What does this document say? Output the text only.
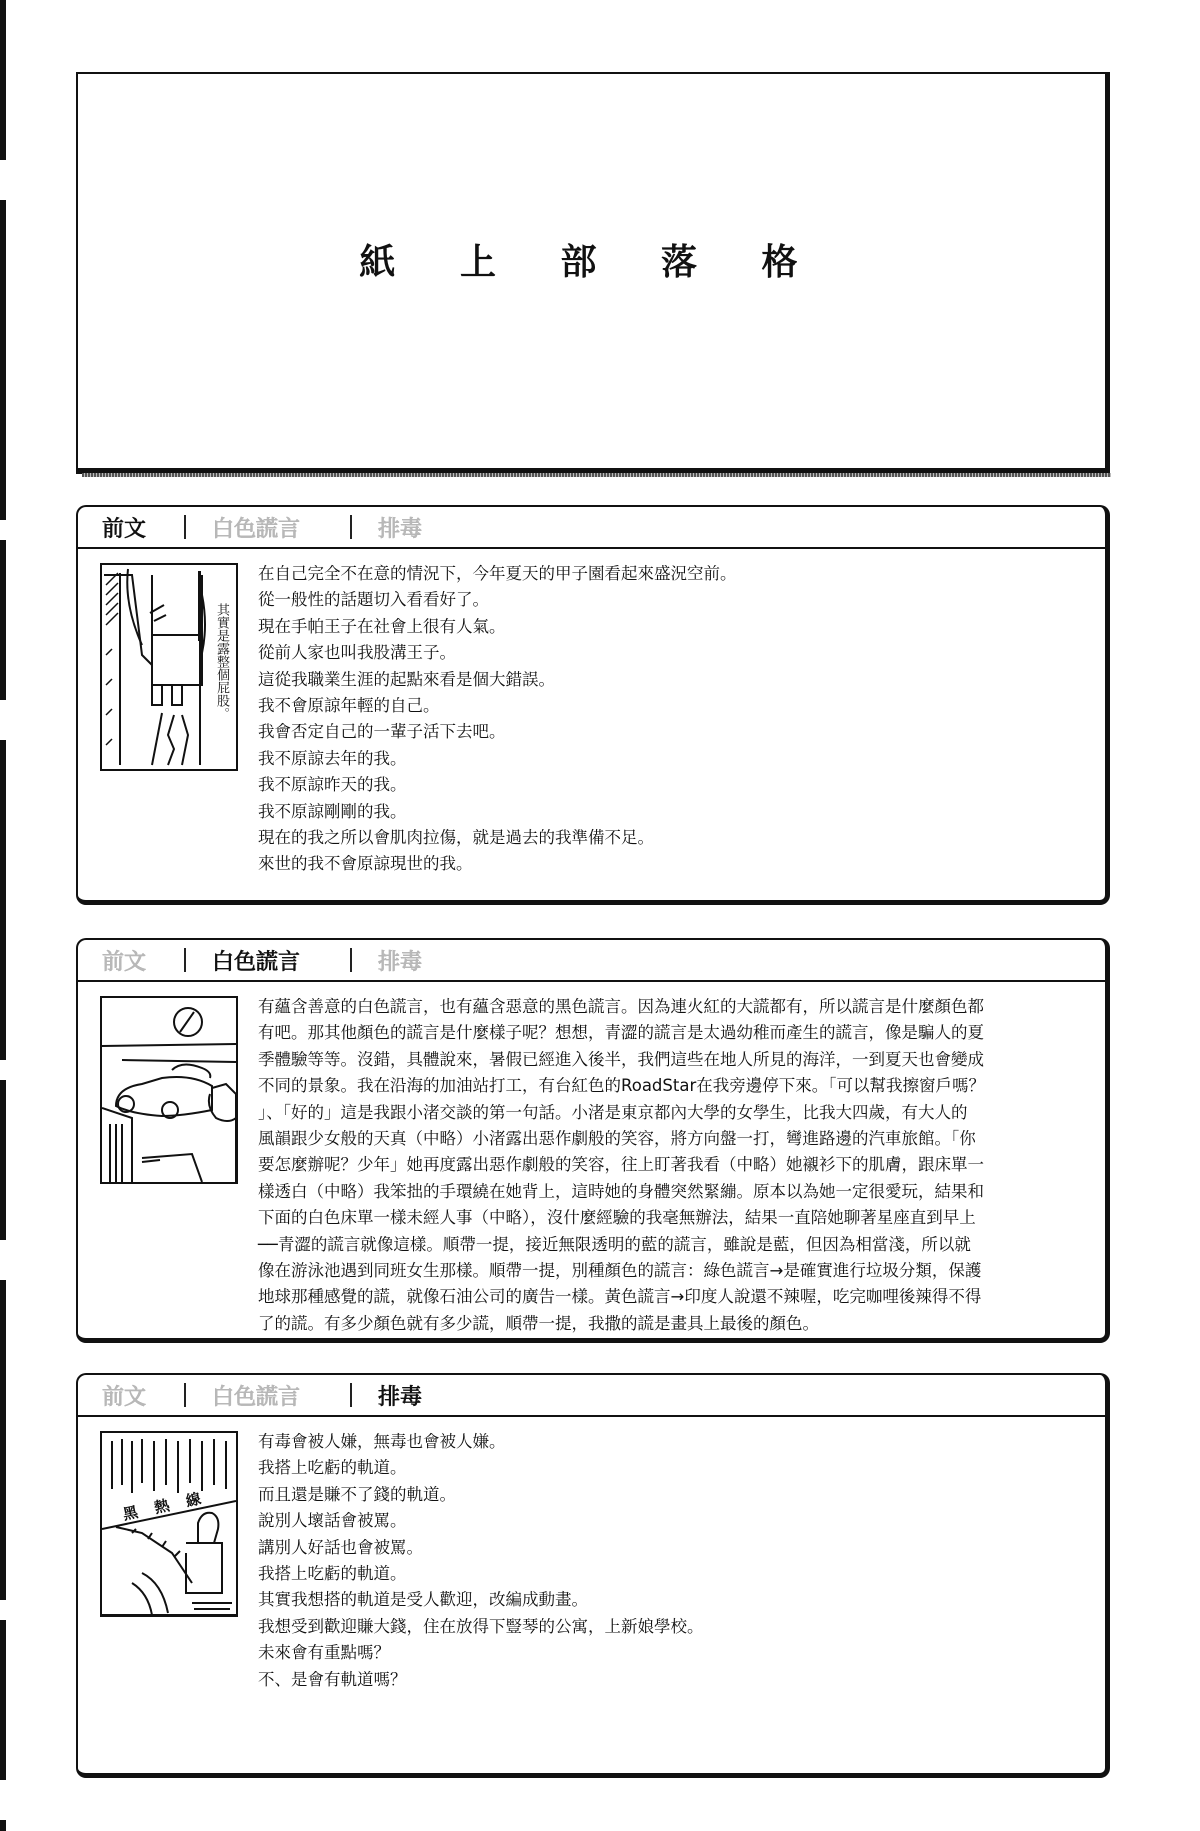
紙 上 部 落 格
前文	白色謊言	排毒
其實是露整個屁股。
在自己完全不在意的情況下，今年夏天的甲子園看起來盛況空前。
從一般性的話題切入看看好了。
現在手帕王子在社會上很有人氣。
從前人家也叫我股溝王子。
這從我職業生涯的起點來看是個大錯誤。
我不會原諒年輕的自己。
我會否定自己的一輩子活下去吧。
我不原諒去年的我。
我不原諒昨天的我。
我不原諒剛剛的我。
現在的我之所以會肌肉拉傷，就是過去的我準備不足。
來世的我不會原諒現世的我。
前文	白色謊言	排毒
有蘊含善意的白色謊言，也有蘊含惡意的黑色謊言。因為連火紅的大謊都有，所以謊言是什麼顏色都
有吧。那其他顏色的謊言是什麼樣子呢？想想，青澀的謊言是太過幼稚而產生的謊言，像是騙人的夏
季體驗等等。沒錯，具體說來，暑假已經進入後半，我們這些在地人所見的海洋，一到夏天也會變成
不同的景象。我在沿海的加油站打工，有台紅色的RoadStar在我旁邊停下來。「可以幫我擦窗戶嗎？
」、「好的」這是我跟小渚交談的第一句話。小渚是東京都內大學的女學生，比我大四歲，有大人的
風韻跟少女般的天真（中略）小渚露出惡作劇般的笑容，將方向盤一打，彎進路邊的汽車旅館。「你
要怎麼辦呢？少年」她再度露出惡作劇般的笑容，往上盯著我看（中略）她襯衫下的肌膚，跟床單一
樣透白（中略）我笨拙的手環繞在她背上，這時她的身體突然緊繃。原本以為她一定很愛玩，結果和
下面的白色床單一樣未經人事（中略），沒什麼經驗的我毫無辦法，結果一直陪她聊著星座直到早上
──青澀的謊言就像這樣。順帶一提，接近無限透明的藍的謊言，雖說是藍，但因為相當淺，所以就
像在游泳池遇到同班女生那樣。順帶一提，別種顏色的謊言：綠色謊言→是確實進行垃圾分類，保護
地球那種感覺的謊，就像石油公司的廣告一樣。黃色謊言→印度人說還不辣喔，吃完咖哩後辣得不得
了的謊。有多少顏色就有多少謊，順帶一提，我撒的謊是畫具上最後的顏色。
前文	白色謊言	排毒
黑 熱 線
有毒會被人嫌，無毒也會被人嫌。
我搭上吃虧的軌道。
而且還是賺不了錢的軌道。
說別人壞話會被罵。
講別人好話也會被罵。
我搭上吃虧的軌道。
其實我想搭的軌道是受人歡迎，改編成動畫。
我想受到歡迎賺大錢，住在放得下豎琴的公寓，上新娘學校。
未來會有重點嗎？
不、是會有軌道嗎？
